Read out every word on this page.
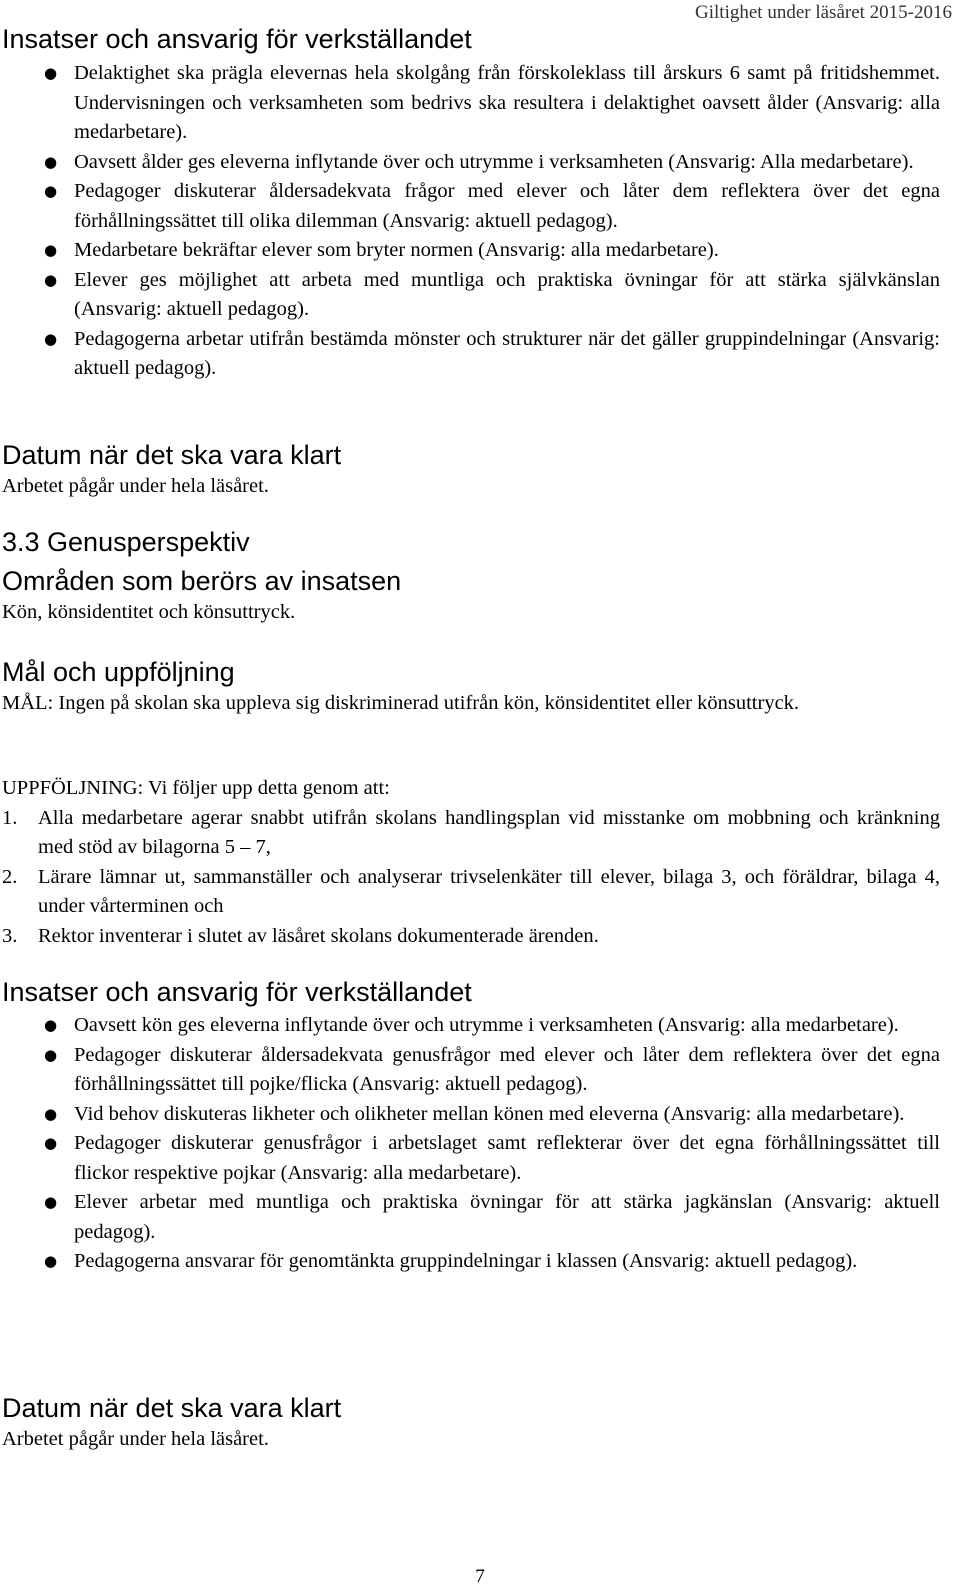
Giltighet under läsåret 2015-2016
Insatser och ansvarig för verkställandet
● Delaktighet ska prägla elevernas hela skolgång från förskoleklass till årskurs 6 samt på fritidshemmet. Undervisningen och verksamheten som bedrivs ska resultera i delaktighet oavsett ålder (Ansvarig: alla medarbetare).
● Oavsett ålder ges eleverna inflytande över och utrymme i verksamheten (Ansvarig: Alla medarbetare).
● Pedagoger diskuterar åldersadekvata frågor med elever och låter dem reflektera över det egna förhållningssättet till olika dilemman (Ansvarig: aktuell pedagog).
● Medarbetare bekräftar elever som bryter normen (Ansvarig: alla medarbetare).
● Elever ges möjlighet att arbeta med muntliga och praktiska övningar för att stärka självkänslan (Ansvarig: aktuell pedagog).
● Pedagogerna arbetar utifrån bestämda mönster och strukturer när det gäller gruppindelningar (Ansvarig: aktuell pedagog).
Datum när det ska vara klart

Arbetet pågår under hela läsåret.

3.3 Genusperspektiv
Områden som berörs av insatsen

Kön, könsidentitet och könsuttryck.

Mål och uppföljning

MÅL: Ingen på skolan ska uppleva sig diskriminerad utifrån kön, könsidentitet eller könsuttryck.

UPPFÖLJNING: Vi följer upp detta genom att:

1. Alla medarbetare agerar snabbt utifrån skolans handlingsplan vid misstanke om mobbning och kränkning med stöd av bilagorna 5 – 7,
2. Lärare lämnar ut, sammanställer och analyserar trivselenkäter till elever, bilaga 3, och föräldrar, bilaga 4, under vårterminen och
3. Rektor inventerar i slutet av läsåret skolans dokumenterade ärenden.
Insatser och ansvarig för verkställandet
● Oavsett kön ges eleverna inflytande över och utrymme i verksamheten (Ansvarig: alla medarbetare).
● Pedagoger diskuterar åldersadekvata genusfrågor med elever och låter dem reflektera över det egna förhållningssättet till pojke/flicka (Ansvarig: aktuell pedagog).
● Vid behov diskuteras likheter och olikheter mellan könen med eleverna (Ansvarig: alla medarbetare).
● Pedagoger diskuterar genusfrågor i arbetslaget samt reflekterar över det egna förhållningssättet till flickor respektive pojkar (Ansvarig: alla medarbetare).
● Elever arbetar med muntliga och praktiska övningar för att stärka jagkänslan (Ansvarig: aktuell pedagog).
● Pedagogerna ansvarar för genomtänkta gruppindelningar i klassen (Ansvarig: aktuell pedagog).
Datum när det ska vara klart

Arbetet pågår under hela läsåret.

7
